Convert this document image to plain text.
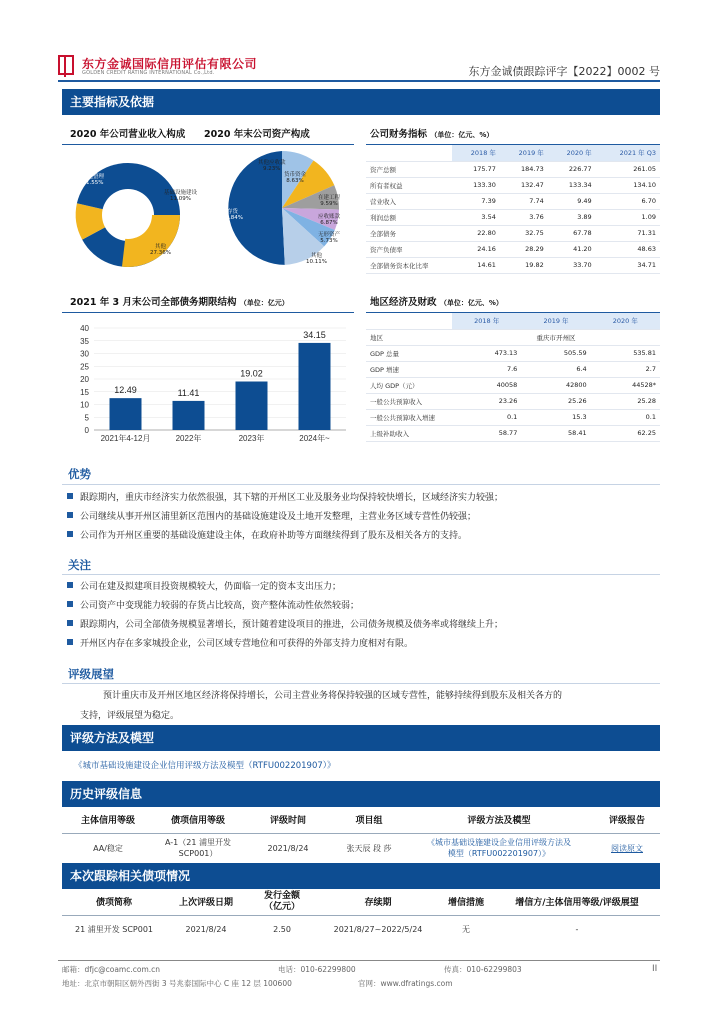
东方金诚国际信用评估有限公司
GOLDEN CREDIT RATING INTERNATIONAL Co.,Ltd.	东方金诚债跟踪评字【2022】0002 号
主要指标及依据
2020 年公司营业收入构成 2020 年末公司资产构成
土地整理
61.55%
基础设施建设
11.09%
其他
27.36%
存货
49.84%
其他应收款
9.23%
货币资金
8.63%
在建工程
9.59%
应收账款
6.87%
无形资产
5.73%
其他
10.11%
公司财务指标 （单位：亿元、%）
	2018 年	2019 年	2020 年	2021 年 Q3
资产总额	175.77	184.73	226.77	261.05
所有者权益	133.30	132.47	133.34	134.10
营业收入	7.39	7.74	9.49	6.70
利润总额	3.54	3.76	3.89	1.09
全部债务	22.80	32.75	67.78	71.31
资产负债率	24.16	28.29	41.20	48.63
全部债务资本化比率	14.61	19.82	33.70	34.71
2021 年 3 月末公司全部债务期限结构 （单位：亿元）
0
5
10
15
20
25
30
35
40
12.49
2021年4-12月
11.41
2022年
19.02
2023年
34.15
2024年~
地区经济及财政 （单位：亿元、%）
	2018 年	2019 年	2020 年
地区	重庆市开州区		
GDP 总量	473.13	505.59	535.81
GDP 增速	7.6	6.4	2.7
人均 GDP（元）	40058	42800	44528*
一般公共预算收入	23.26	25.26	25.28
一般公共预算收入增速	0.1	15.3	0.1
上级补助收入	58.77	58.41	62.25
优势
跟踪期内，重庆市经济实力依然很强，其下辖的开州区工业及服务业均保持较快增长，区域经济实力较强；
公司继续从事开州区浦里新区范围内的基础设施建设及土地开发整理，主营业务区域专营性仍较强；
公司作为开州区重要的基础设施建设主体，在政府补助等方面继续得到了股东及相关各方的支持。
关注
公司在建及拟建项目投资规模较大，仍面临一定的资本支出压力；
公司资产中变现能力较弱的存货占比较高，资产整体流动性依然较弱；
跟踪期内，公司全部债务规模显著增长，预计随着建设项目的推进，公司债务规模及债务率或将继续上升；
开州区内存在多家城投企业，公司区域专营地位和可获得的外部支持力度相对有限。
评级展望
预计重庆市及开州区地区经济将保持增长，公司主营业务将保持较强的区域专营性，能够持续得到股东及相关各方的
支持，评级展望为稳定。
评级方法及模型
《城市基础设施建设企业信用评级方法及模型（RTFU002201907）》
历史评级信息
主体信用等级	债项信用等级	评级时间	项目组	评级方法及模型	评级报告
AA/稳定	A-1（21 浦里开发
SCP001）	2021/8/24	张天辰 段 莎	《城市基础设施建设企业信用评级方法及
模型（RTFU002201907）》	阅读原文
本次跟踪相关债项情况
债项简称	上次评级日期	发行金额
（亿元）	存续期	增信措施	增信方/主体信用等级/评级展望
21 浦里开发 SCP001	2021/8/24	2.50	2021/8/27~2022/5/24	无	-
邮箱：dfjc@coamc.com.cn	电话：010-62299800	传真：010-62299803	II
地址：北京市朝阳区朝外西街 3 号兆泰国际中心 C 座 12 层 100600	官网：www.dfratings.com
